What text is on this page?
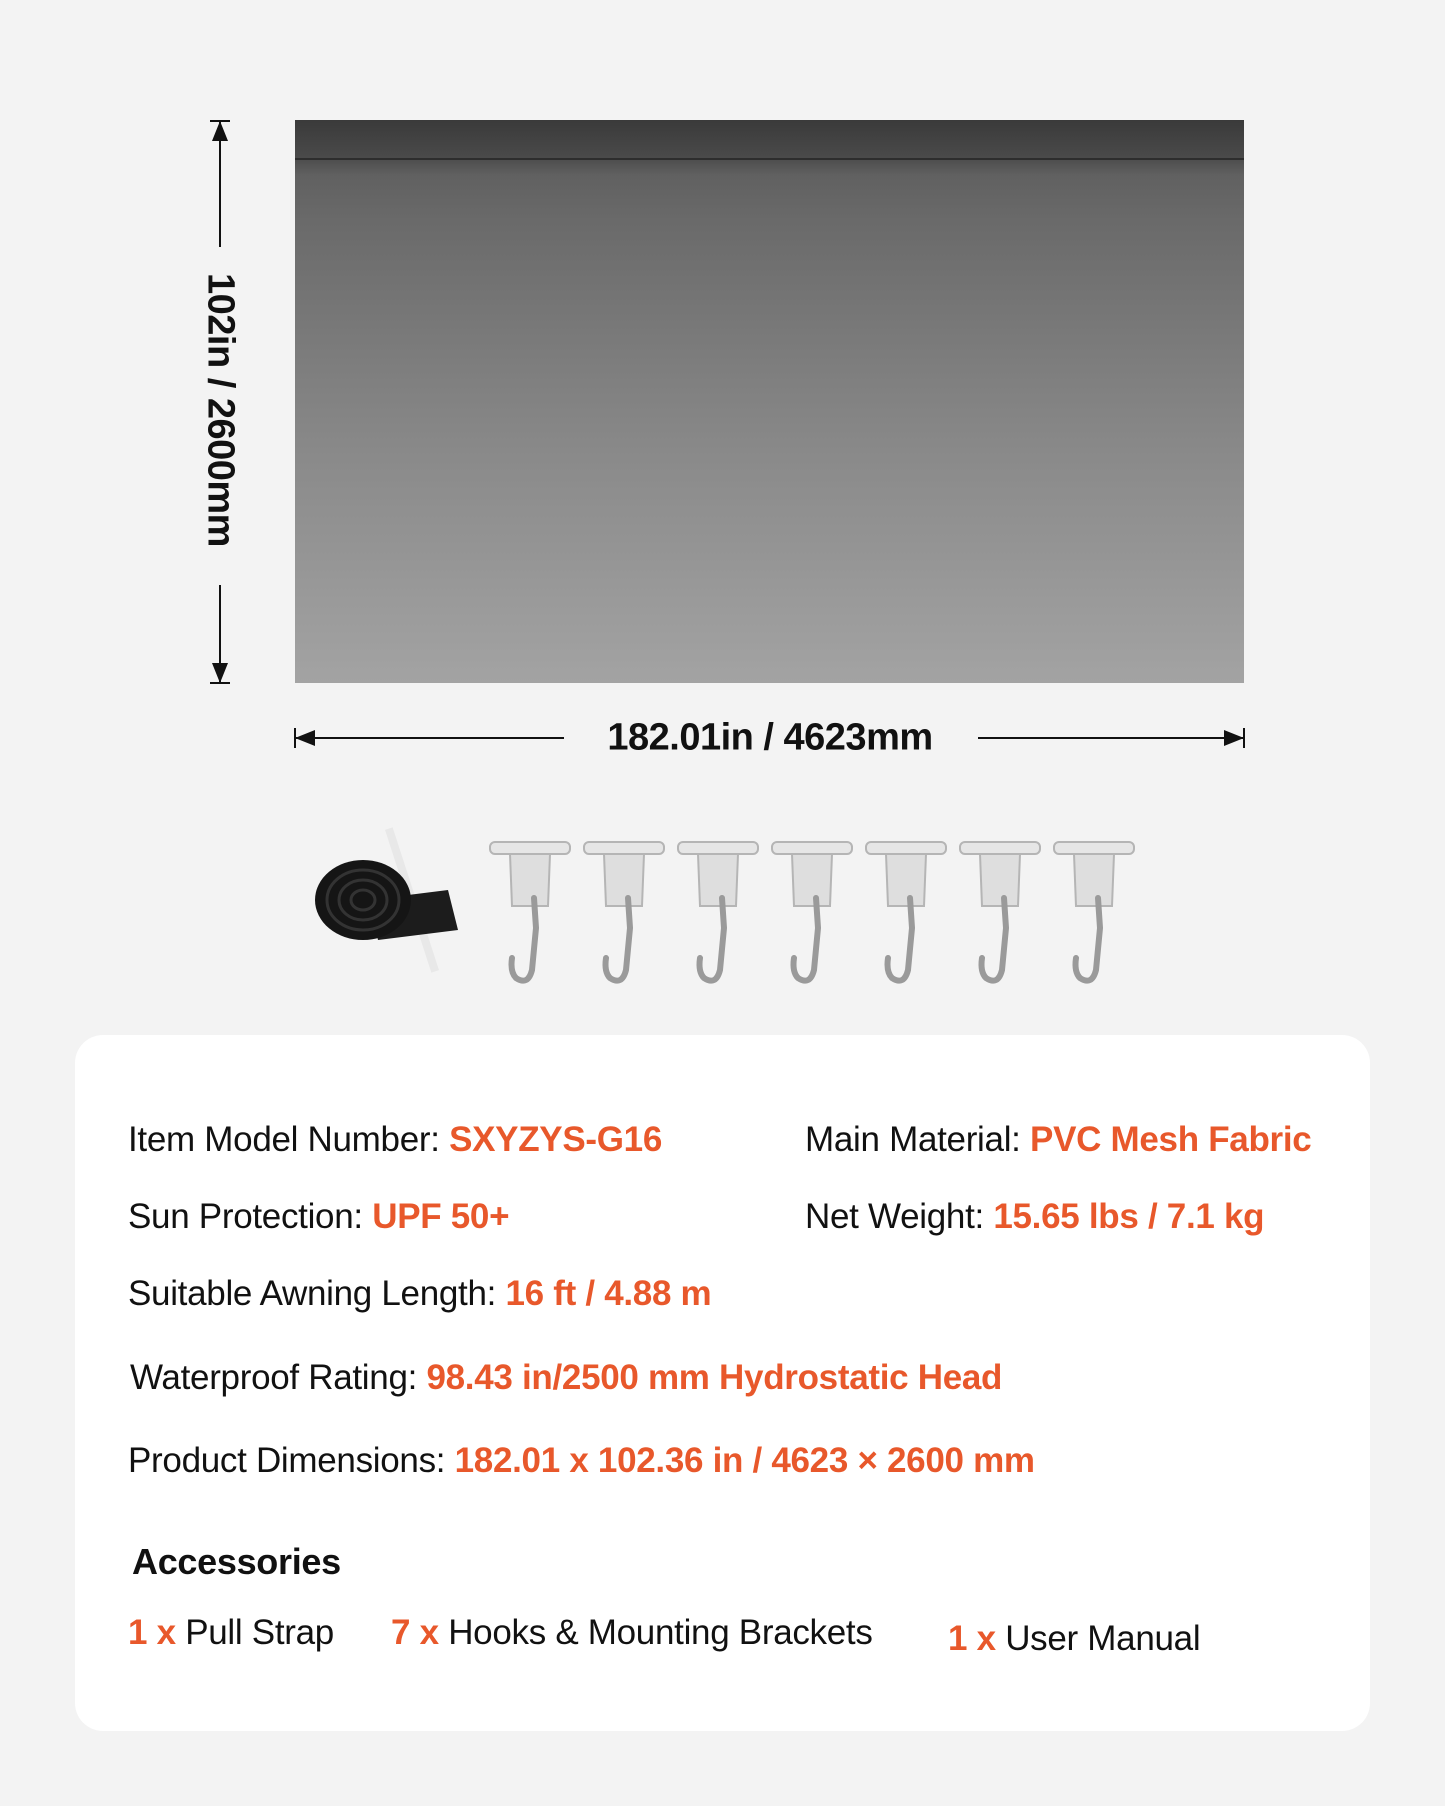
102in / 2600mm
182.01in / 4623mm
Item Model Number: SXYZYS-G16	Main Material: PVC Mesh Fabric
Sun Protection: UPF 50+	Net Weight: 15.65 lbs / 7.1 kg
Suitable Awning Length: 16 ft / 4.88 m
Waterproof Rating: 98.43 in/2500 mm Hydrostatic Head
Product Dimensions: 182.01 x 102.36 in / 4623 × 2600 mm
Accessories
1 x Pull Strap 7 x Hooks & Mounting Brackets 1 x User Manual
